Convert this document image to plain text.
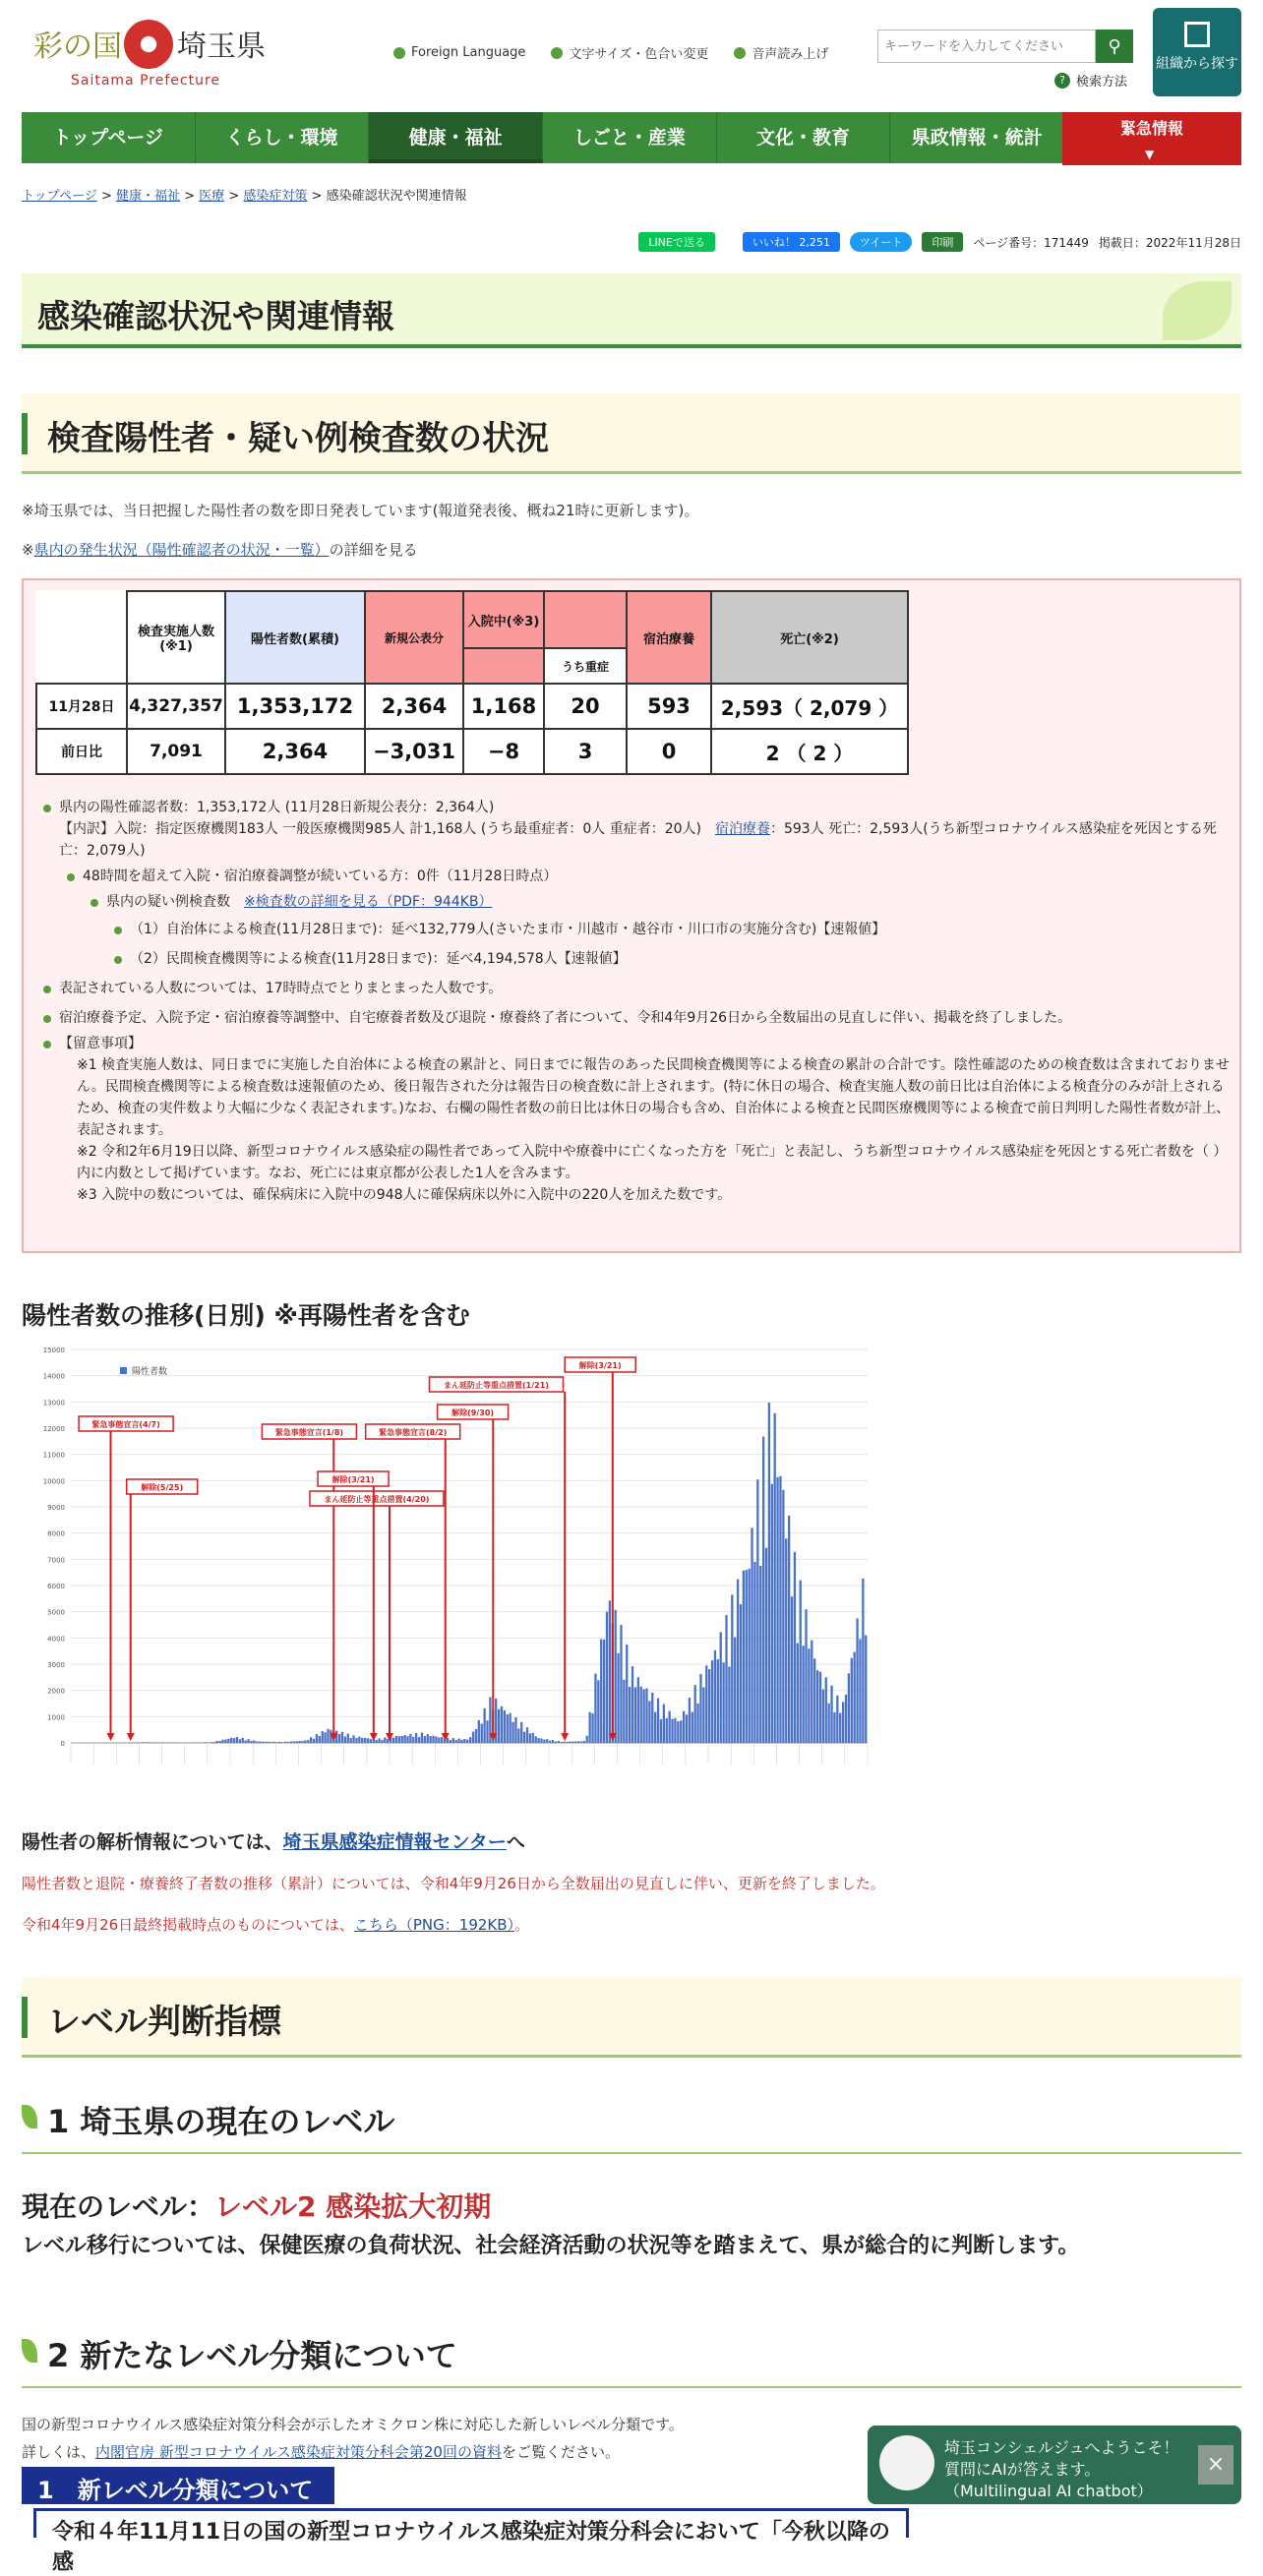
彩の国 埼玉県
Saitama Prefecture
Foreign Language	文字サイズ・色合い変更	音声読み上げ
キーワードを入力してください	⚲
? 検索方法
組織から探す
トップページ	くらし・環境	健康・福祉	しごと・産業	文化・教育	県政情報・統計	緊急情報
▼
トップページ > 健康・福祉 > 医療 > 感染症対策 > 感染確認状況や関連情報
LINEで送る	いいね！ 2,251	ツイート	印刷	ページ番号：171449 掲載日：2022年11月28日
感染確認状況や関連情報
検査陽性者・疑い例検査数の状況
※埼玉県では、当日把握した陽性者の数を即日発表しています(報道発表後、概ね21時に更新します)。
※県内の発生状況（陽性確認者の状況・一覧）の詳細を見る
	検査実施人数(※1)	陽性者数(累積)	新規公表分	入院中(※3)		宿泊療養	死亡(※2)
					うち重症		
11月28日	4,327,357	1,353,172	2,364	1,168	20	593	2,593（ 2,079 ）
前日比	7,091	2,364	−3,031	−8	3	0	2 （ 2 ）
県内の陽性確認者数：1,353,172人 (11月28日新規公表分：2,364人)
【内訳】入院：指定医療機関183人 一般医療機関985人 計1,168人 (うち最重症者：0人 重症者：20人)　 宿泊療養：593人 死亡：2,593人(うち新型コロナウイルス感染症を死因とする死亡：2,079人)
48時間を超えて入院・宿泊療養調整が続いている方：0件（11月28日時点）
県内の疑い例検査数　 ※検査数の詳細を見る（PDF：944KB）
（1）自治体による検査(11月28日まで)：延べ132,779人(さいたま市・川越市・越谷市・川口市の実施分含む)【速報値】
（2）民間検査機関等による検査(11月28日まで)：延べ4,194,578人【速報値】
表記されている人数については、17時時点でとりまとまった人数です。
宿泊療養予定、入院予定・宿泊療養等調整中、自宅療養者数及び退院・療養終了者について、令和4年9月26日から全数届出の見直しに伴い、掲載を終了しました。
【留意事項】
※1 検査実施人数は、同日までに実施した自治体による検査の累計と、同日までに報告のあった民間検査機関等による検査の累計の合計です。陰性確認のための検査数は含まれておりません。民間検査機関等による検査数は速報値のため、後日報告された分は報告日の検査数に計上されます。(特に休日の場合、検査実施人数の前日比は自治体による検査分のみが計上されるため、検査の実件数より大幅に少なく表記されます。)なお、右欄の陽性者数の前日比は休日の場合も含め、自治体による検査と民間医療機関等による検査で前日判明した陽性者数が計上、表記されます。
※2 令和2年6月19日以降、新型コロナウイルス感染症の陽性者であって入院中や療養中に亡くなった方を「死亡」と表記し、うち新型コロナウイルス感染症を死因とする死亡者数を（ ）内に内数として掲げています。なお、死亡には東京都が公表した1人を含みます。
※3 入院中の数については、確保病床に入院中の948人に確保病床以外に入院中の220人を加えた数です。
陽性者数の推移(日別) ※再陽性者を含む
0
1000
2000
3000
4000
5000
6000
7000
8000
9000
10000
11000
12000
13000
14000
15000
陽性者数
緊急事態宣言(4/7)
解除(5/25)
緊急事態宣言(1/8)
まん延防止等重点措置(4/20)
解除(3/21)
緊急事態宣言(8/2)
解除(9/30)
まん延防止等重点措置(1/21)
解除(3/21)
陽性者の解析情報については、埼玉県感染症情報センターへ
陽性者数と退院・療養終了者数の推移（累計）については、令和4年9月26日から全数届出の見直しに伴い、更新を終了しました。
令和4年9月26日最終掲載時点のものについては、こちら（PNG：192KB）。
レベル判断指標
1 埼玉県の現在のレベル
現在のレベル：レベル2 感染拡大初期
レベル移行については、保健医療の負荷状況、社会経済活動の状況等を踏まえて、県が総合的に判断します。
2 新たなレベル分類について
国の新型コロナウイルス感染症対策分科会が示したオミクロン株に対応した新しいレベル分類です。
詳しくは、内閣官房 新型コロナウイルス感染症対策分科会第20回の資料をご覧ください。
1　新レベル分類について
令和４年11月11日の国の新型コロナウイルス感染症対策分科会において「今秋以降の感
埼玉コンシェルジュへようこそ！
質問にAIが答えます。
（Multilingual AI chatbot）
×
